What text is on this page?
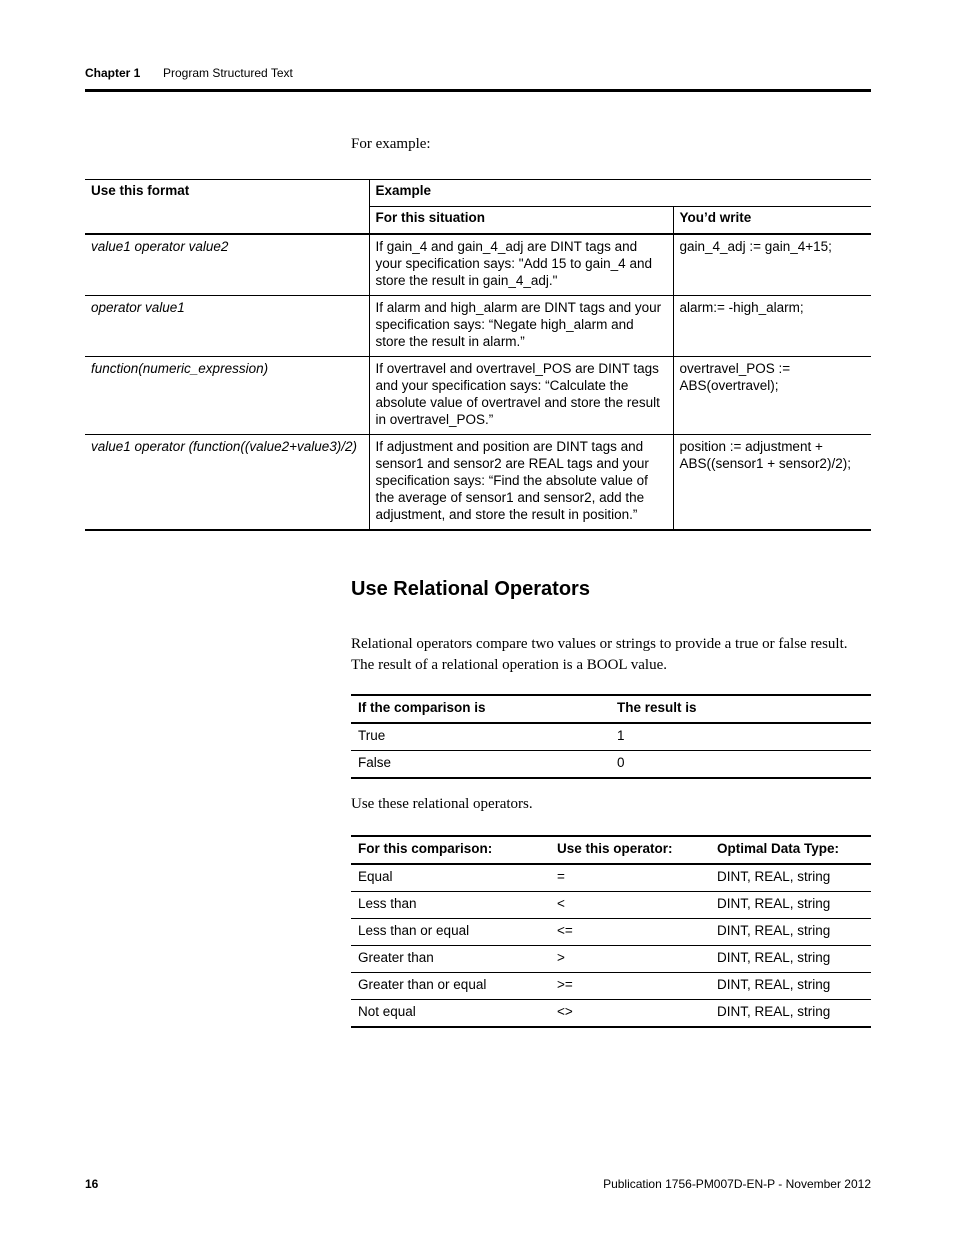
Chapter 1 Program Structured Text
For example:
Use this format	Example	
	For this situation	You’d write
value1 operator value2	If gain_4 and gain_4_adj are DINT tags and your specification says: "Add 15 to gain_4 and store the result in gain_4_adj."	gain_4_adj := gain_4+15;
operator value1	If alarm and high_alarm are DINT tags and your specification says: “Negate high_alarm and store the result in alarm.”	alarm:= -high_alarm;
function(numeric_expression)	If overtravel and overtravel_POS are DINT tags and your specification says: “Calculate the absolute value of overtravel and store the result in overtravel_POS.”	overtravel_POS := ABS(overtravel);
value1 operator (function((value2+value3)/2)	If adjustment and position are DINT tags and sensor1 and sensor2 are REAL tags and your specification says: “Find the absolute value of the average of sensor1 and sensor2, add the adjustment, and store the result in position.”	position := adjustment + ABS((sensor1 + sensor2)/2);
Use Relational Operators
Relational operators compare two values or strings to provide a true or false result. The result of a relational operation is a BOOL value.
If the comparison is	The result is
True	1
False	0
Use these relational operators.
For this comparison:	Use this operator:	Optimal Data Type:
Equal	=	DINT, REAL, string
Less than	<	DINT, REAL, string
Less than or equal	<=	DINT, REAL, string
Greater than	>	DINT, REAL, string
Greater than or equal	>=	DINT, REAL, string
Not equal	<>	DINT, REAL, string
16	Publication 1756-PM007D-EN-P - November 2012
